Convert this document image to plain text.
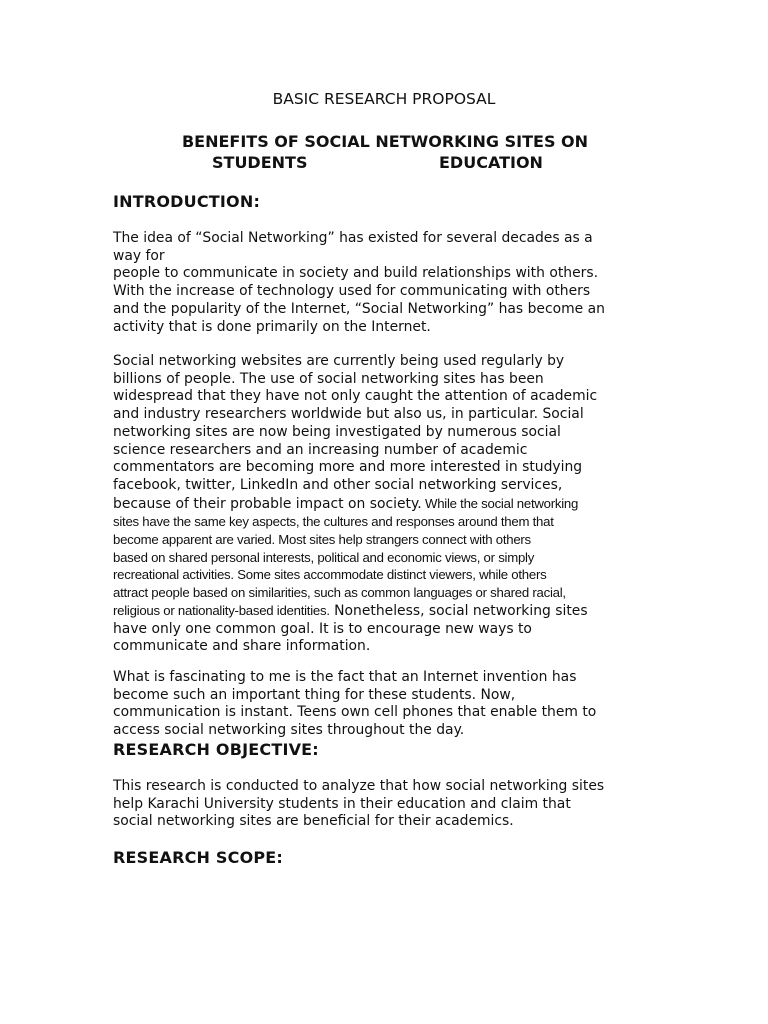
BASIC RESEARCH PROPOSAL

BENEFITS OF SOCIAL NETWORKING SITES ON
STUDENTS	EDUCATION
INTRODUCTION:

The idea of “Social Networking” has existed for several decades as a
way for
people to communicate in society and build relationships with others.
With the increase of technology used for communicating with others
and the popularity of the Internet, “Social Networking” has become an
activity that is done primarily on the Internet.

Social networking websites are currently being used regularly by
billions of people. The use of social networking sites has been
widespread that they have not only caught the attention of academic
and industry researchers worldwide but also us, in particular. Social
networking sites are now being investigated by numerous social
science researchers and an increasing number of academic
commentators are becoming more and more interested in studying
facebook, twitter, LinkedIn and other social networking services,
because of their probable impact on society. While the social networking
sites have the same key aspects, the cultures and responses around them that
become apparent are varied. Most sites help strangers connect with others
based on shared personal interests, political and economic views, or simply
recreational activities. Some sites accommodate distinct viewers, while others
attract people based on similarities, such as common languages or shared racial,
religious or nationality-based identities. Nonetheless, social networking sites
have only one common goal. It is to encourage new ways to
communicate and share information.

What is fascinating to me is the fact that an Internet invention has
become such an important thing for these students. Now,
communication is instant. Teens own cell phones that enable them to
access social networking sites throughout the day.

RESEARCH OBJECTIVE:

This research is conducted to analyze that how social networking sites
help Karachi University students in their education and claim that
social networking sites are beneficial for their academics.

RESEARCH SCOPE:
